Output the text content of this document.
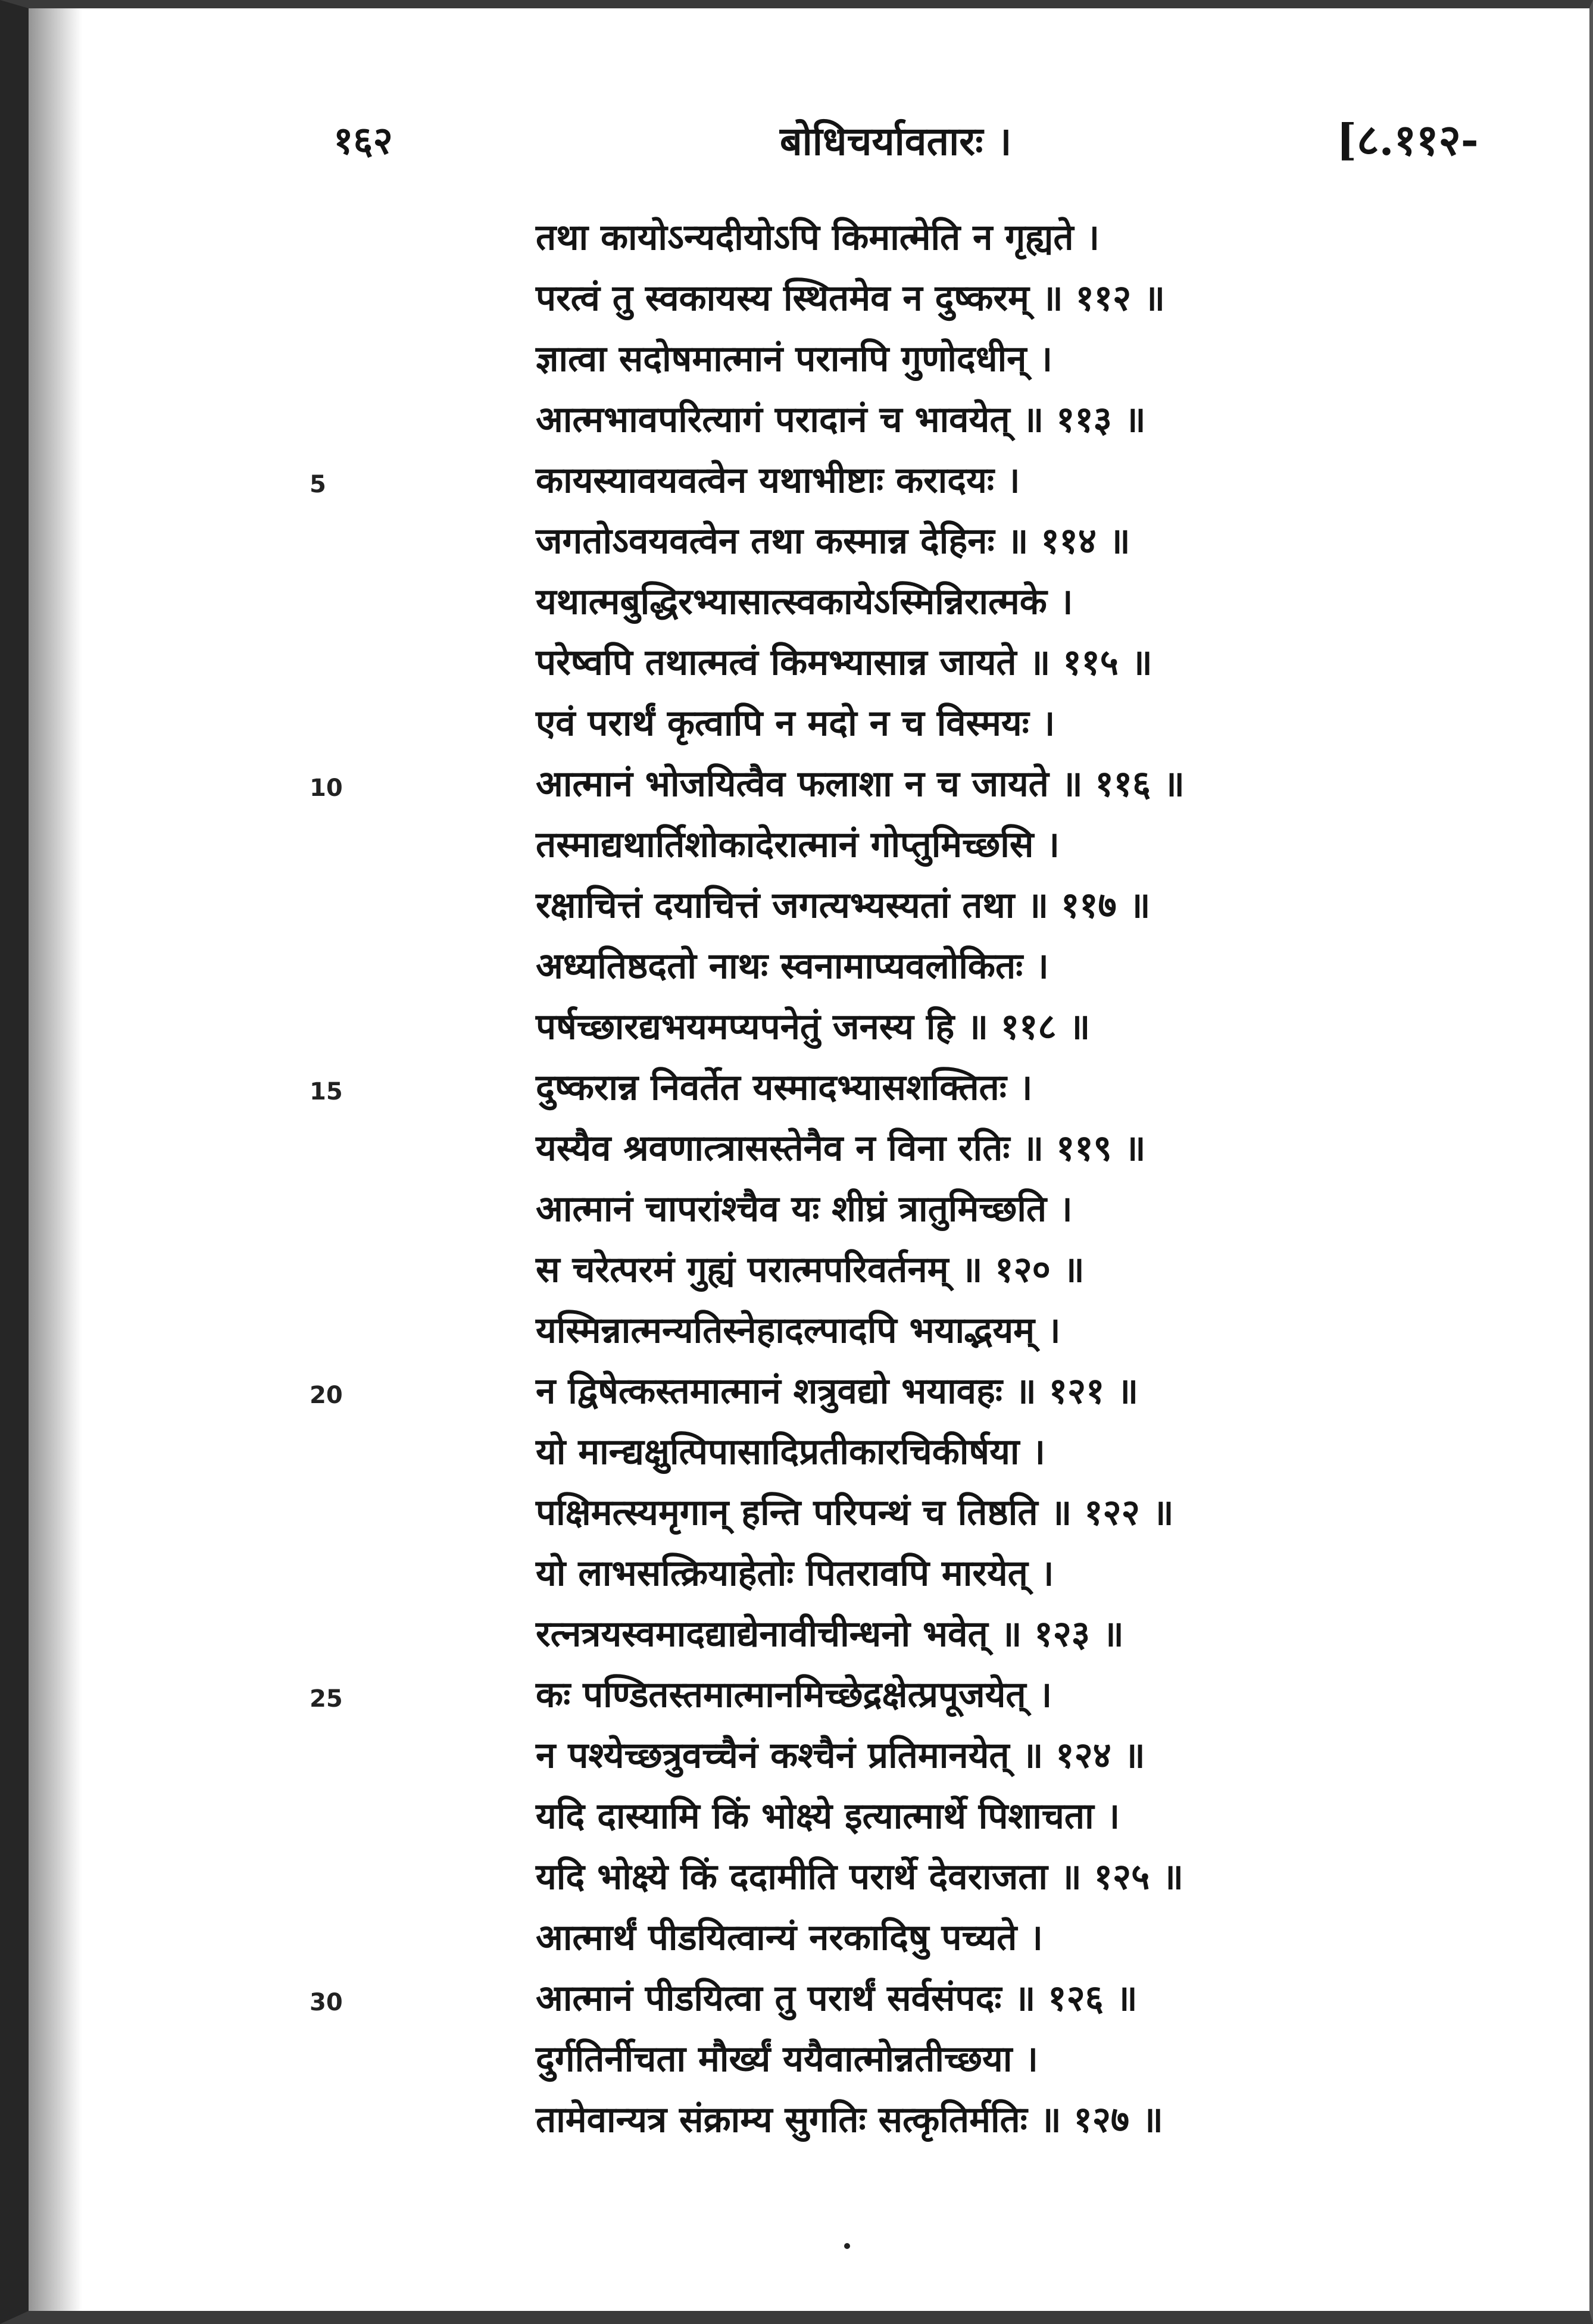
१६२	बोधिचर्यावतारः ।	[८.११२-
तथा कायोऽन्यदीयोऽपि किमात्मेति न गृह्यते ।
परत्वं तु स्वकायस्य स्थितमेव न दुष्करम् ॥ ११२ ॥
ज्ञात्वा सदोषमात्मानं परानपि गुणोदधीन् ।
आत्मभावपरित्यागं परादानं च भावयेत् ॥ ११३ ॥
5	कायस्यावयवत्वेन यथाभीष्टाः करादयः ।
जगतोऽवयवत्वेन तथा कस्मान्न देहिनः ॥ ११४ ॥
यथात्मबुद्धिरभ्यासात्स्वकायेऽस्मिन्निरात्मके ।
परेष्वपि तथात्मत्वं किमभ्यासान्न जायते ॥ ११५ ॥
एवं परार्थं कृत्वापि न मदो न च विस्मयः ।
10	आत्मानं भोजयित्वैव फलाशा न च जायते ॥ ११६ ॥
तस्माद्यथार्तिशोकादेरात्मानं गोप्तुमिच्छसि ।
रक्षाचित्तं दयाचित्तं जगत्यभ्यस्यतां तथा ॥ ११७ ॥
अध्यतिष्ठदतो नाथः स्वनामाप्यवलोकितः ।
पर्षच्छारद्यभयमप्यपनेतुं जनस्य हि ॥ ११८ ॥
15	दुष्करान्न निवर्तेत यस्मादभ्यासशक्तितः ।
यस्यैव श्रवणात्त्रासस्तेनैव न विना रतिः ॥ ११९ ॥
आत्मानं चापरांश्चैव यः शीघ्रं त्रातुमिच्छति ।
स चरेत्परमं गुह्यं परात्मपरिवर्तनम् ॥ १२० ॥
यस्मिन्नात्मन्यतिस्नेहादल्पादपि भयाद्भयम् ।
20	न द्विषेत्कस्तमात्मानं शत्रुवद्यो भयावहः ॥ १२१ ॥
यो मान्द्यक्षुत्पिपासादिप्रतीकारचिकीर्षया ।
पक्षिमत्स्यमृगान् हन्ति परिपन्थं च तिष्ठति ॥ १२२ ॥
यो लाभसत्क्रियाहेतोः पितरावपि मारयेत् ।
रत्नत्रयस्वमादद्याद्येनावीचीन्धनो भवेत् ॥ १२३ ॥
25	कः पण्डितस्तमात्मानमिच्छेद्रक्षेत्प्रपूजयेत् ।
न पश्येच्छत्रुवच्चैनं कश्चैनं प्रतिमानयेत् ॥ १२४ ॥
यदि दास्यामि किं भोक्ष्ये इत्यात्मार्थे पिशाचता ।
यदि भोक्ष्ये किं ददामीति परार्थे देवराजता ॥ १२५ ॥
आत्मार्थं पीडयित्वान्यं नरकादिषु पच्यते ।
30	आत्मानं पीडयित्वा तु परार्थं सर्वसंपदः ॥ १२६ ॥
दुर्गतिर्नीचता मौर्ख्यं ययैवात्मोन्नतीच्छया ।
तामेवान्यत्र संक्राम्य सुगतिः सत्कृतिर्मतिः ॥ १२७ ॥
